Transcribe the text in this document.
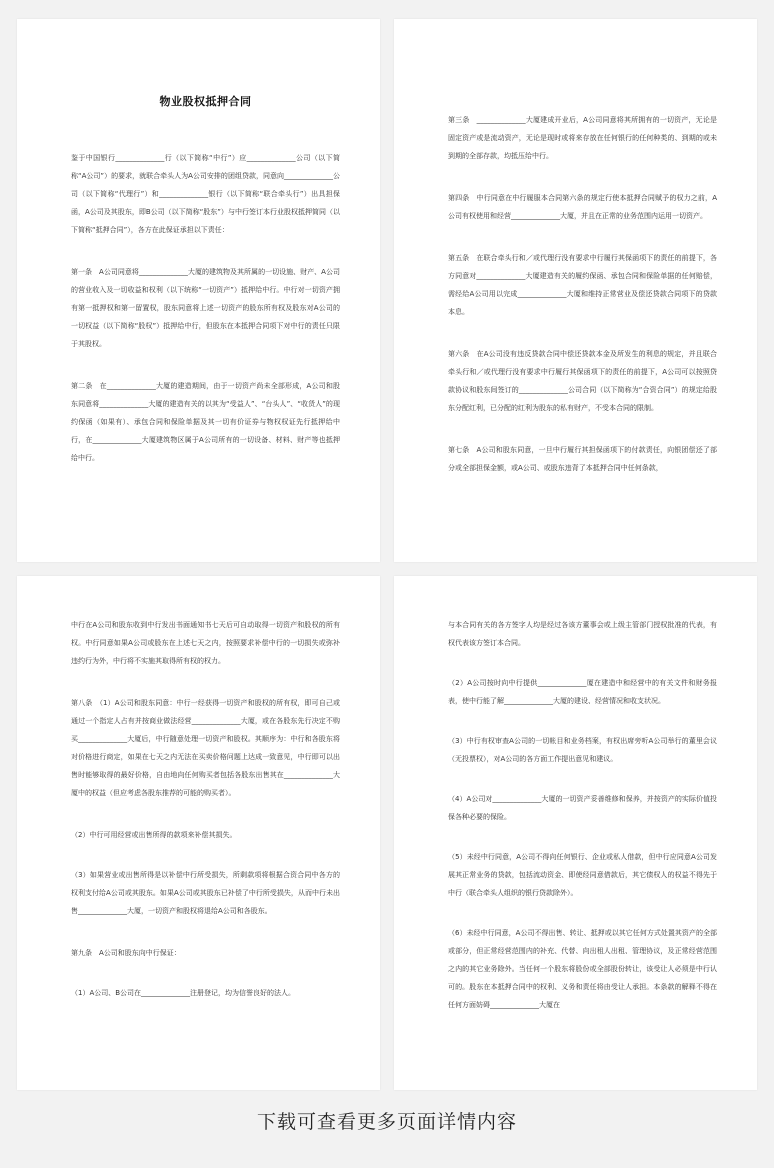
物业股权抵押合同

鉴于中国银行______________行（以下简称“中行”）应______________公司（以下简称“A公司”）的要求，就联合牵头人为A公司安排的团组贷款，同意向______________公司（以下简称“代理行”）和______________银行（以下简称“联合牵头行”）出具担保函，A公司及其股东，即B公司（以下简称“股东”）与中行签订本行业股权抵押简同（以下简称“抵押合同”），各方在此保证承担以下责任：

第一条　A公司同意将______________大厦的建筑物及其所属的一切设施、财产、A公司的营业收入及一切收益和权利（以下统称“一切资产”）抵押给中行。中行对一切资产拥有第一抵押权和第一留置权，股东同意将上述一切资产的股东所有权及股东对A公司的一切权益（以下简称“股权”）抵押给中行，但股东在本抵押合同项下对中行的责任只限于其股权。

第二条　在______________大厦的建造期间，由于一切资产尚未全部形成，A公司和股东同意将______________大厦的建造有关的以其为“受益人”、“台头人”、“收货人”的现约保函（如果有）、承包合同和保险单据及其一切有价证券与物权权证先行抵押给中行，在______________大厦建筑物区属于A公司所有的一切设备、材料、财产等也抵押给中行。

第三条　______________大厦建成开业后，A公司同意将其所拥有的一切资产，无论是固定资产或是流动资产，无论是现时或将来存放在任何银行的任何种类的、到期的或未到期的全部存款，均抵压给中行。

第四条　中行同意在中行履服本合同第六条的规定行使本抵押合同赋予的权力之前，A公司有权使用和经营______________大厦，并且在正常的业务范围内运用一切资产。

第五条　在联合牵头行和／或代理行没有要求中行履行其保函项下的责任的前提下，各方同意对______________大厦建造有关的履约保函、承包合同和保险单据的任何赔偿，需经给A公司用以完成______________大厦和维持正常营业及偿还贷款合同项下的贷款本息。

第六条　在A公司没有违反贷款合同中偿还贷款本金及所发生的利息的规定，并且联合牵头行和／或代理行没有要求中行履行其保函项下的责任的前提下，A公司可以按照贷款协议和股东间签订的______________公司合同（以下简称为“合资合同”）的规定给股东分配红利，已分配的红利为股东的私有财产，不受本合同的限制。

第七条　A公司和股东同意，一旦中行履行其担保函项下的付款责任，向银团偿还了部分或全部担保金额，或A公司、或股东违背了本抵押合同中任何条款，

中行在A公司和股东收到中行发出书面通知书七天后可自动取得一切资产和股权的所有权。中行同意如果A公司或股东在上述七天之内，按照要求补偿中行的一切损失或弥补违约行为外，中行将不实施其取得所有权的权力。

第八条　（1）A公司和股东同意：中行一经获得一切资产和股权的所有权，即可自己或通过一个指定人占有并按商业做法经营______________大厦，或在各股东先行决定不购买______________大厦后，中行随意处理一切资产和股权。其顺序为：中行和各股东将对价格进行商定，如果在七天之内无法在买卖价格问题上达成一致意见，中行即可以出售时能够取得的最好价格，自由地向任何购买者包括各股东出售其在______________大厦中的权益（但应考虑各股东推荐的可能的购买者）。

（2）中行可用经营或出售所得的款项来补偿其损失。

（3）如果营业或出售所得是以补偿中行所受损失，所剩款项将根据合资合同中各方的权利支付给A公司或其股东。如果A公司或其股东已补偿了中行所受损失，从而中行未出售______________大厦，一切资产和股权将退给A公司和各股东。

第九条　A公司和股东向中行保证：

（1）A公司、B公司在______________注册登记，均为信誉良好的法人。

与本合同有关的各方签字人均是经过各该方董事会或上级主管部门授权批准的代表，有权代表该方签订本合同。

（2）A公司按时向中行提供______________厦在建造中和经营中的有关文件和财务报表，使中行能了解______________大厦的建设、经营情况和收支状况。

（3）中行有权审查A公司的一切帐目和业务档案，有权出席旁听A公司举行的董里会议（无投票权），对A公司的各方面工作提出意见和建议。

（4）A公司对______________大厦的一切资产妥善维修和保养，并按资产的实际价值投保各种必要的保险。

（5）未经中行同意，A公司不得向任何银行、企业或私人借款，但中行应同意A公司发展其正常业务的贷款，包括流动资金、即使经同意借款后，其它债权人的权益不得先于中行（联合牵头人组织的银行贷款除外）。

（6）未经中行同意，A公司不得出售、转让、抵押或以其它任何方式处置其资产的全部或部分，但正常经营范围内的补充、代替、向出租人出租、管理协议，及正常经营范围之内的其它业务除外。当任何一个股东将股份或全部股份转让，该受让人必须是中行认可的。股东在本抵押合同中的权利、义务和责任将由受让人承担。本条款的解释不得在任何方面妨碍______________大厦在

下载可查看更多页面详情内容
